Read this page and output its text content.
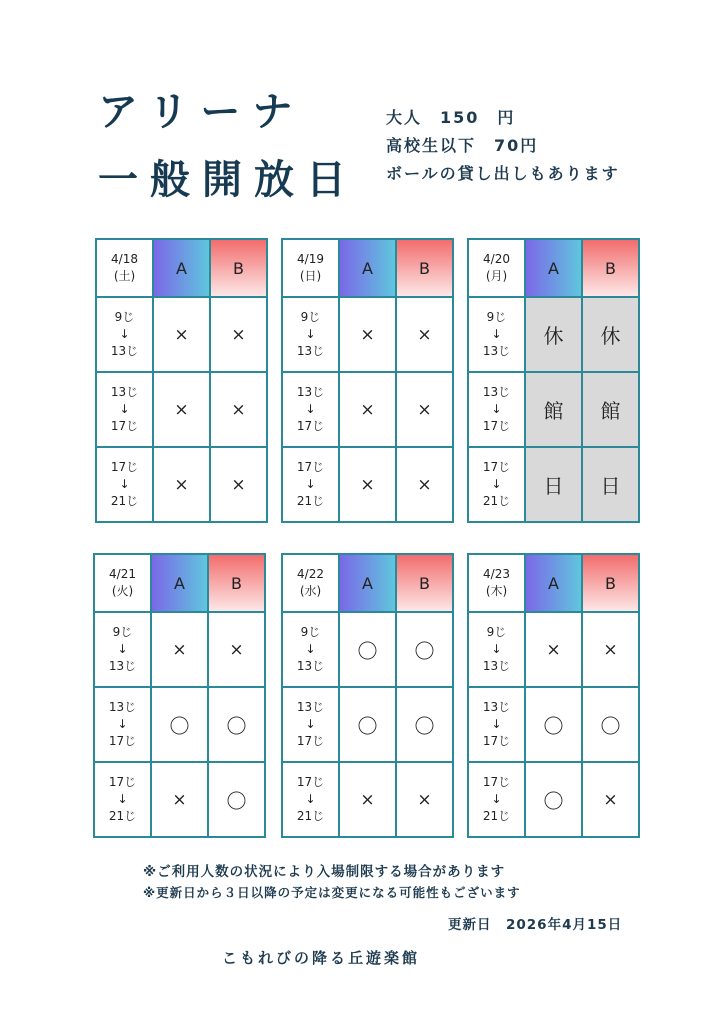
アリーナ
一般開放日
大人　150　円
高校生以下　70円
ボールの貸し出しもあります
4/18
(土)	A	B
9じ
↓
13じ	×	×
13じ
↓
17じ	×	×
17じ
↓
21じ	×	×
4/19
(日)	A	B
9じ
↓
13じ	×	×
13じ
↓
17じ	×	×
17じ
↓
21じ	×	×
4/20
(月)	A	B
9じ
↓
13じ	休	休
13じ
↓
17じ	館	館
17じ
↓
21じ	日	日
4/21
(火)	A	B
9じ
↓
13じ	×	×
13じ
↓
17じ	〇	〇
17じ
↓
21じ	×	〇
4/22
(水)	A	B
9じ
↓
13じ	〇	〇
13じ
↓
17じ	〇	〇
17じ
↓
21じ	×	×
4/23
(木)	A	B
9じ
↓
13じ	×	×
13じ
↓
17じ	〇	〇
17じ
↓
21じ	〇	×
※ご利用人数の状況により入場制限する場合があります
※更新日から３日以降の予定は変更になる可能性もございます
更新日　2026年4月15日
こもれびの降る丘遊楽館
